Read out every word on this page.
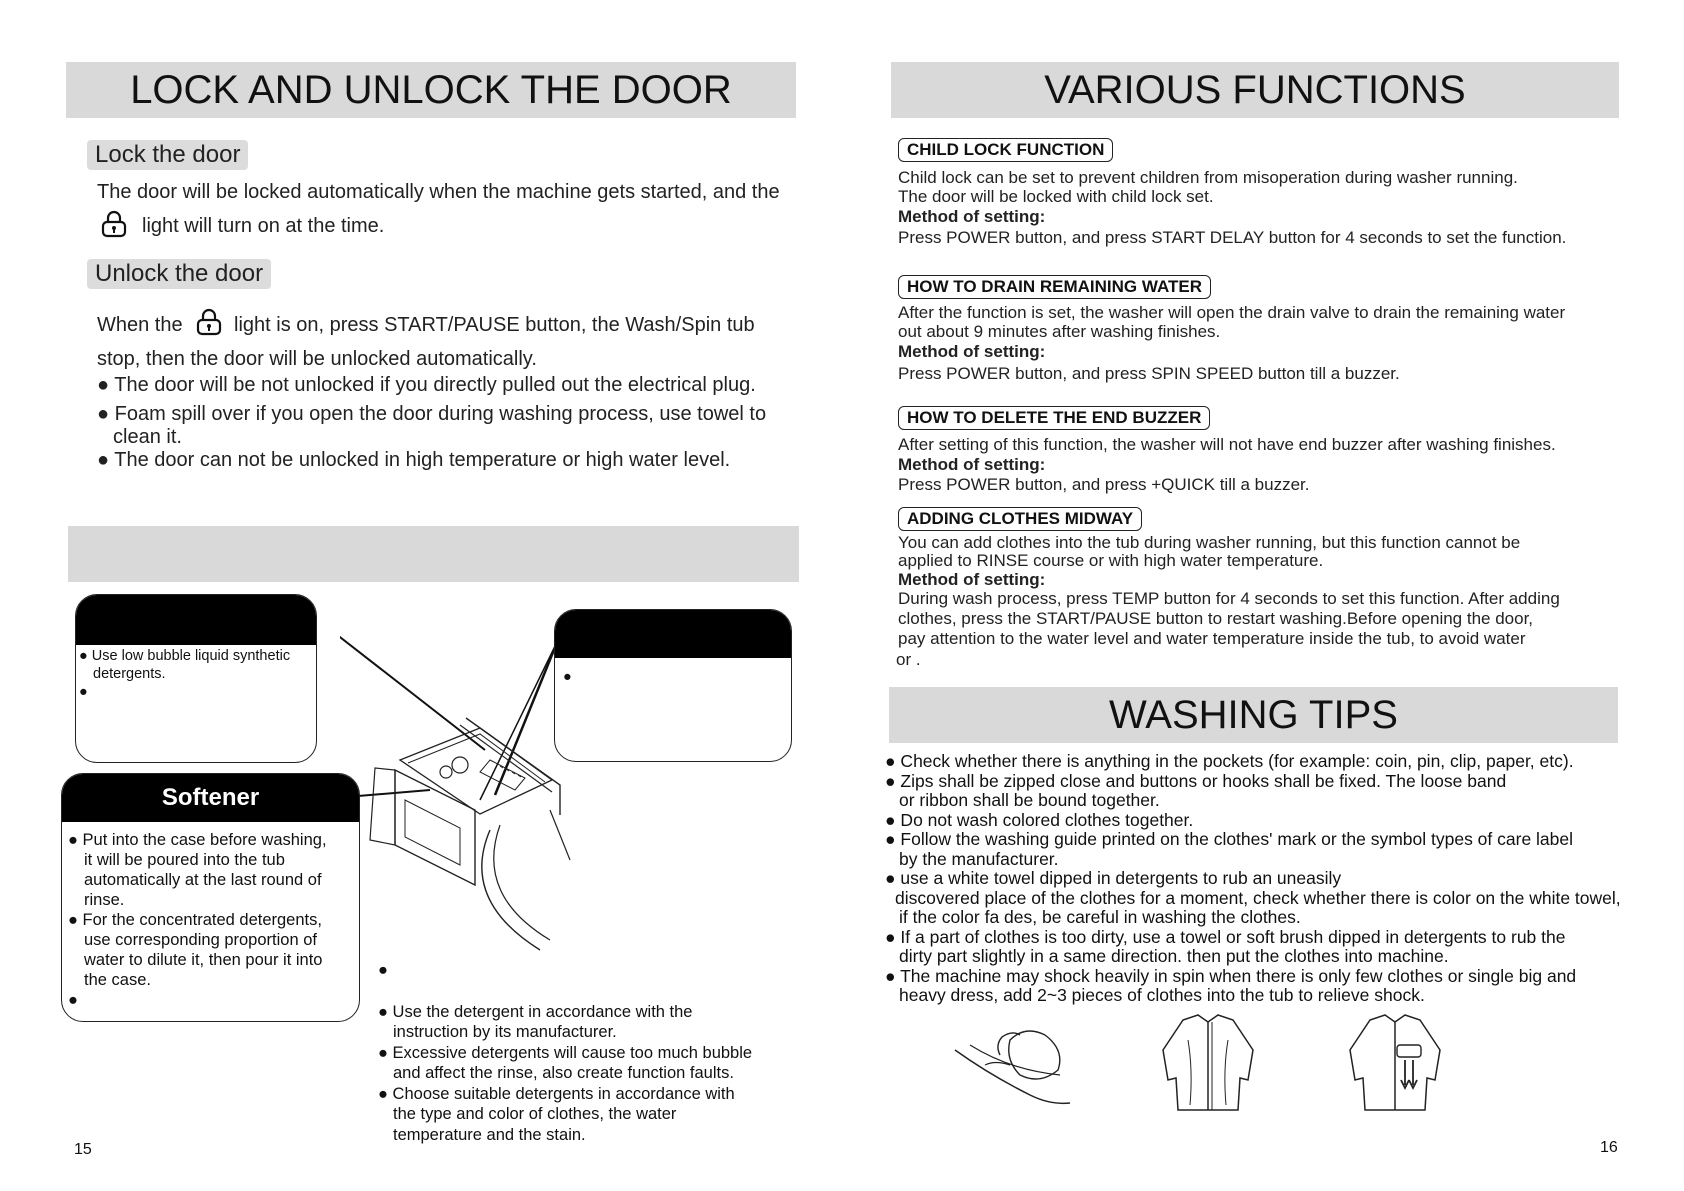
LOCK AND UNLOCK THE DOOR
Lock the door
The door will be locked automatically when the machine gets started, and the
light will turn on at the time.
Unlock the door
When the	light is on, press START/PAUSE button, the Wash/Spin tub
stop, then the door will be unlocked automatically.
● The door will be not unlocked if you directly pulled out the electrical plug.
● Foam spill over if you open the door during washing process, use towel to
clean it.
● The door can not be unlocked in high temperature or high water level.
● Use low bubble liquid synthetic
detergents.
●
●
Softener
● Put into the case before washing,
it will be poured into the tub
automatically at the last round of
rinse.
● For the concentrated detergents,
use corresponding proportion of
water to dilute it, then pour it into
the case.
●
●
● Use the detergent in accordance with the
instruction by its manufacturer.
● Excessive detergents will cause too much bubble
and affect the rinse, also create function faults.
● Choose suitable detergents in accordance with
the type and color of clothes, the water
temperature and the stain.
15
VARIOUS FUNCTIONS
CHILD LOCK FUNCTION
Child lock can be set to prevent children from misoperation during washer running.
The door will be locked with child lock set.
Method of setting:
Press POWER button, and press START DELAY button for 4 seconds to set the function.
HOW TO DRAIN REMAINING WATER
After the function is set, the washer will open the drain valve to drain the remaining water
out about 9 minutes after washing finishes.
Method of setting:
Press POWER button, and press SPIN SPEED button till a buzzer.
HOW TO DELETE THE END BUZZER
After setting of this function, the washer will not have end buzzer after washing finishes.
Method of setting:
Press POWER button, and press +QUICK till a buzzer.
ADDING CLOTHES MIDWAY
You can add clothes into the tub during washer running, but this function cannot be
applied to RINSE course or with high water temperature.
Method of setting:
During wash process, press TEMP button for 4 seconds to set this function. After adding
clothes, press the START/PAUSE button to restart washing.Before opening the door,
pay attention to the water level and water temperature inside the tub, to avoid water
or .
WASHING TIPS
● Check whether there is anything in the pockets (for example: coin, pin, clip, paper, etc).
● Zips shall be zipped close and buttons or hooks shall be fixed. The loose band
or ribbon shall be bound together.
● Do not wash colored clothes together.
● Follow the washing guide printed on the clothes' mark or the symbol types of care label
by the manufacturer.
● use a white towel dipped in detergents to rub an uneasily
discovered place of the clothes for a moment, check whether there is color on the white towel,
if the color fa des, be careful in washing the clothes.
● If a part of clothes is too dirty, use a towel or soft brush dipped in detergents to rub the
dirty part slightly in a same direction. then put the clothes into machine.
● The machine may shock heavily in spin when there is only few clothes or single big and
heavy dress, add 2~3 pieces of clothes into the tub to relieve shock.
16
